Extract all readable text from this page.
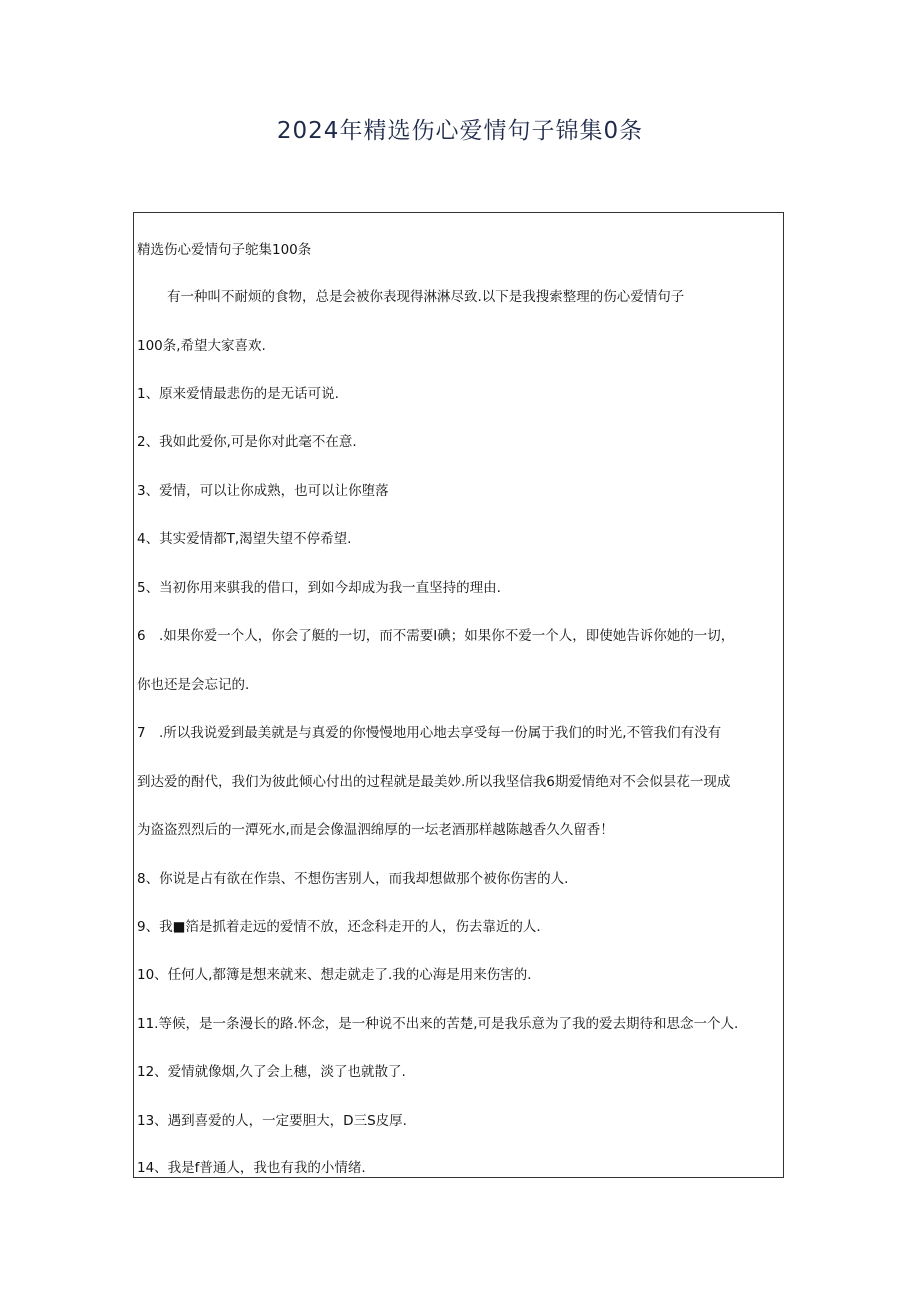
2024年精选伤心爱情句子锦集0条
精选伤心爱情句子鸵集100条
有一种叫不耐烦的食物，总是会被你表现得淋淋尽致.以下是我搜索整理的伤心爱情句子
100条,希望大家喜欢.
1、原来爱情最悲伤的是无话可说.
2、我如此爱你,可是你对此毫不在意.
3、爱情，可以让你成熟，也可以让你堕落
4、其实爱情都T,渴望失望不停希望.
5、当初你用来骐我的借口，到如今却成为我一直坚持的理由.
6 .如果你爱一个人，你会了艇的一切，而不需要I碘；如果你不爱一个人，即使她告诉你她的一切，
你也还是会忘记的.
7 .所以我说爱到最美就是与真爱的你慢慢地用心地去享受每一份属于我们的时光,不管我们有没有
到达爱的酎代，我们为彼此倾心付出的过程就是最美妙.所以我坚信我6期爱情绝对不会似昙花一现成
为盗盗烈烈后的一潭死水,而是会像温泗绵厚的一坛老酒那样越陈越香久久留香！
8、你说是占有欲在作祟、不想伤害别人，而我却想做那个被你伤害的人.
9、我■箔是抓着走远的爱情不放，还念科走开的人，伤去靠近的人.
10、任何人,都簿是想来就来、想走就走了.我的心海是用来伤害的.
11.等候，是一条漫长的路.怀念，是一种说不出来的苦楚,可是我乐意为了我的爱去期待和思念一个人.
12、爱情就像烟,久了会上穗，淡了也就散了.
13、遇到喜爱的人，一定要胆大，D三S皮厚.
14、我是f普通人，我也有我的小情绪.
